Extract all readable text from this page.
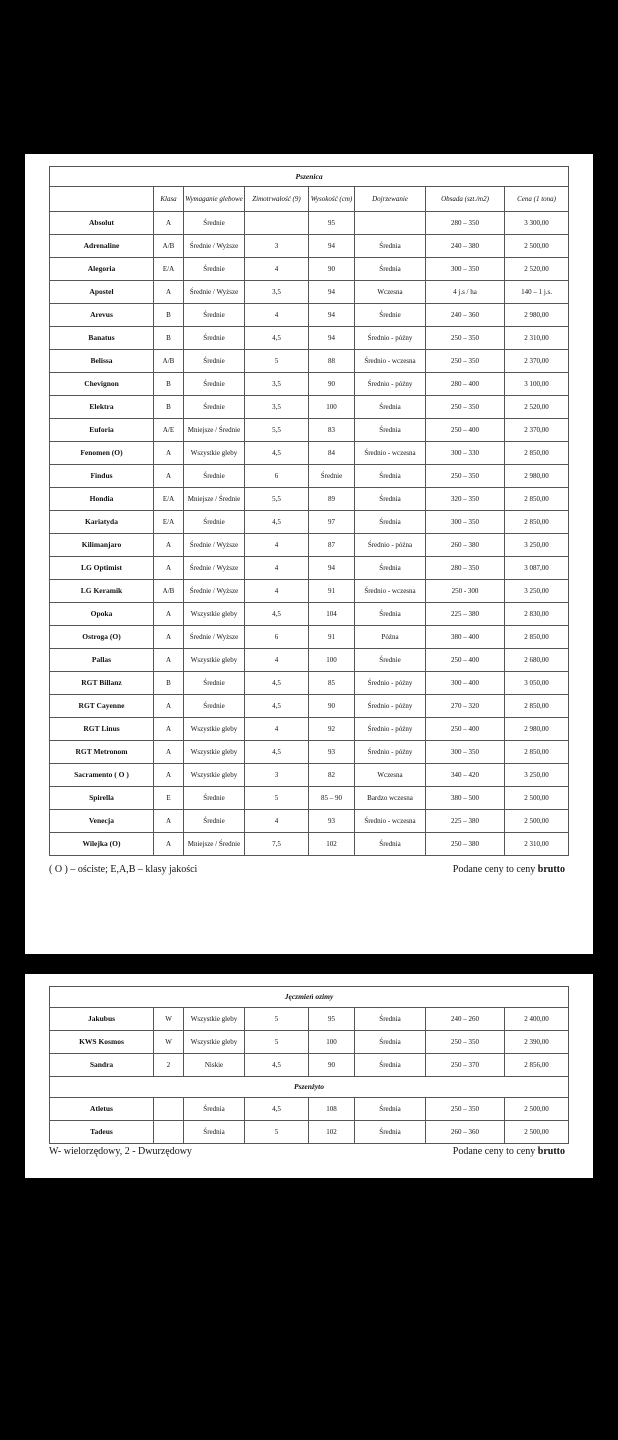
Pszenica							
	Klasa	Wymaganie glebowe	Zimotrwałość (9)	Wysokość (cm)	Dojrzewanie	Obsada (szt./m2)	Cena (1 tona)
Absolut	A	Średnie		95		280 – 350	3 300,00
Adrenaline	A/B	Średnie / Wyższe	3	94	Średnia	240 – 380	2 500,00
Alegoria	E/A	Średnie	4	90	Średnia	300 – 350	2 520,00
Apostel	A	Średnie / Wyższe	3,5	94	Wczesna	4 j.s / ha	140 – 1 j.s.
Arevus	B	Średnie	4	94	Średnie	240 – 360	2 980,00
Banatus	B	Średnie	4,5	94	Średnio - późny	250 – 350	2 310,00
Belissa	A/B	Średnie	5	88	Średnio - wczesna	250 – 350	2 370,00
Chevignon	B	Średnie	3,5	90	Średnio - późny	280 – 400	3 100,00
Elektra	B	Średnie	3,5	100	Średnia	250 – 350	2 520,00
Euforia	A/E	Mniejsze / Średnie	5,5	83	Średnia	250 – 400	2 370,00
Fenomen (O)	A	Wszystkie gleby	4,5	84	Średnio - wczesna	300 – 330	2 850,00
Findus	A	Średnie	6	Średnie	Średnia	250 – 350	2 980,00
Hondia	E/A	Mniejsze / Średnie	5,5	89	Średnia	320 – 350	2 850,00
Kariatyda	E/A	Średnie	4,5	97	Średnia	300 – 350	2 850,00
Kilimanjaro	A	Średnie / Wyższe	4	87	Średnio - późna	260 – 380	3 250,00
LG Optimist	A	Średnie / Wyższe	4	94	Średnia	280 – 350	3 087,00
LG Keramik	A/B	Średnie / Wyższe	4	91	Średnio - wczesna	250 - 300	3 250,00
Opoka	A	Wszystkie gleby	4,5	104	Średnia	225 – 380	2 830,00
Ostroga (O)	A	Średnie / Wyższe	6	91	Późna	380 – 400	2 850,00
Pallas	A	Wszystkie gleby	4	100	Średnie	250 – 400	2 680,00
RGT Billanz	B	Średnie	4,5	85	Średnio - późny	300 – 400	3 050,00
RGT Cayenne	A	Średnie	4,5	90	Średnio - późny	270 – 320	2 850,00
RGT Linus	A	Wszystkie gleby	4	92	Średnio - późny	250 – 400	2 980,00
RGT Metronom	A	Wszystkie gleby	4,5	93	Średnio - późny	300 – 350	2 850,00
Sacramento ( O )	A	Wszystkie gleby	3	82	Wczesna	340 – 420	3 250,00
Spirella	E	Średnie	5	85 – 90	Bardzo wczesna	380 – 500	2 500,00
Venecja	A	Średnie	4	93	Średnio - wczesna	225 – 380	2 500,00
Wilejka (O)	A	Mniejsze / Średnie	7,5	102	Średnia	250 – 380	2 310,00
( O ) – ościste; E,A,B – klasy jakości	Podane ceny to ceny brutto
Jęczmień ozimy							
Jakubus	W	Wszystkie gleby	5	95	Średnia	240 – 260	2 400,00
KWS Kosmos	W	Wszystkie gleby	5	100	Średnia	250 – 350	2 390,00
Sandra	2	Niskie	4,5	90	Średnia	250 – 370	2 856,00
Pszenżyto							
Atletus		Średnia	4,5	108	Średnia	250 – 350	2 500,00
Tadeus		Średnia	5	102	Średnia	260 – 360	2 500,00
W- wielorzędowy, 2 - Dwurzędowy	Podane ceny to ceny brutto
